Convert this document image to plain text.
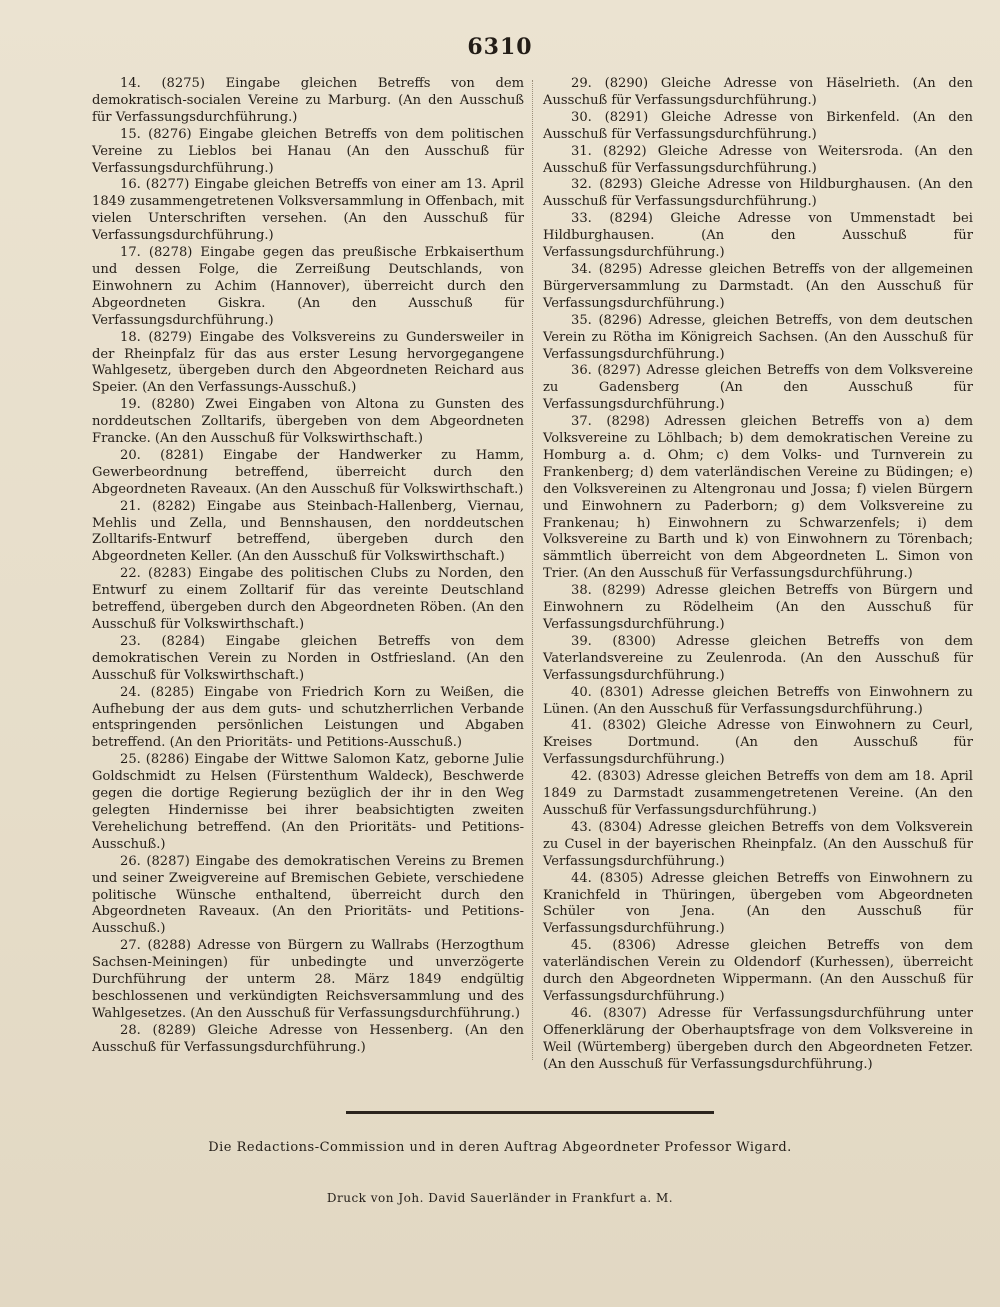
6310

14. (8275) Eingabe gleichen Betreffs von dem demokratisch-socialen Vereine zu Marburg. (An den Ausschuß für Verfassungsdurchführung.)

15. (8276) Eingabe gleichen Betreffs von dem politischen Vereine zu Lieblos bei Hanau (An den Ausschuß für Verfassungsdurchführung.)

16. (8277) Eingabe gleichen Betreffs von einer am 13. April 1849 zusammengetretenen Volksversammlung in Offenbach, mit vielen Unterschriften versehen. (An den Ausschuß für Verfassungsdurchführung.)

17. (8278) Eingabe gegen das preußische Erbkaiserthum und dessen Folge, die Zerreißung Deutschlands, von Einwohnern zu Achim (Hannover), überreicht durch den Abgeordneten Giskra. (An den Ausschuß für Verfassungsdurchführung.)

18. (8279) Eingabe des Volksvereins zu Gundersweiler in der Rheinpfalz für das aus erster Lesung hervorgegangene Wahlgesetz, übergeben durch den Abgeordneten Reichard aus Speier. (An den Verfassungs-Ausschuß.)

19. (8280) Zwei Eingaben von Altona zu Gunsten des norddeutschen Zolltarifs, übergeben von dem Abgeordneten Francke. (An den Ausschuß für Volkswirthschaft.)

20. (8281) Eingabe der Handwerker zu Hamm, Gewerbeordnung betreffend, überreicht durch den Abgeordneten Raveaux. (An den Ausschuß für Volkswirthschaft.)

21. (8282) Eingabe aus Steinbach-Hallenberg, Viernau, Mehlis und Zella, und Bennshausen, den norddeutschen Zolltarifs-Entwurf betreffend, übergeben durch den Abgeordneten Keller. (An den Ausschuß für Volkswirthschaft.)

22. (8283) Eingabe des politischen Clubs zu Norden, den Entwurf zu einem Zolltarif für das vereinte Deutschland betreffend, übergeben durch den Abgeordneten Röben. (An den Ausschuß für Volkswirthschaft.)

23. (8284) Eingabe gleichen Betreffs von dem demokratischen Verein zu Norden in Ostfriesland. (An den Ausschuß für Volkswirthschaft.)

24. (8285) Eingabe von Friedrich Korn zu Weißen, die Aufhebung der aus dem guts- und schutzherrlichen Verbande entspringenden persönlichen Leistungen und Abgaben betreffend. (An den Prioritäts- und Petitions-Ausschuß.)

25. (8286) Eingabe der Wittwe Salomon Katz, geborne Julie Goldschmidt zu Helsen (Fürstenthum Waldeck), Beschwerde gegen die dortige Regierung bezüglich der ihr in den Weg gelegten Hindernisse bei ihrer beabsichtigten zweiten Verehelichung betreffend. (An den Prioritäts- und Petitions-Ausschuß.)

26. (8287) Eingabe des demokratischen Vereins zu Bremen und seiner Zweigvereine auf Bremischen Gebiete, verschiedene politische Wünsche enthaltend, überreicht durch den Abgeordneten Raveaux. (An den Prioritäts- und Petitions-Ausschuß.)

27. (8288) Adresse von Bürgern zu Wallrabs (Herzogthum Sachsen-Meiningen) für unbedingte und unverzögerte Durchführung der unterm 28. März 1849 endgültig beschlossenen und verkündigten Reichsversammlung und des Wahlgesetzes. (An den Ausschuß für Verfassungsdurchführung.)

28. (8289) Gleiche Adresse von Hessenberg. (An den Ausschuß für Verfassungsdurchführung.)

29. (8290) Gleiche Adresse von Häselrieth. (An den Ausschuß für Verfassungsdurchführung.)

30. (8291) Gleiche Adresse von Birkenfeld. (An den Ausschuß für Verfassungsdurchführung.)

31. (8292) Gleiche Adresse von Weitersroda. (An den Ausschuß für Verfassungsdurchführung.)

32. (8293) Gleiche Adresse von Hildburghausen. (An den Ausschuß für Verfassungsdurchführung.)

33. (8294) Gleiche Adresse von Ummenstadt bei Hildburghausen. (An den Ausschuß für Verfassungsdurchführung.)

34. (8295) Adresse gleichen Betreffs von der allgemeinen Bürgerversammlung zu Darmstadt. (An den Ausschuß für Verfassungsdurchführung.)

35. (8296) Adresse, gleichen Betreffs, von dem deutschen Verein zu Rötha im Königreich Sachsen. (An den Ausschuß für Verfassungsdurchführung.)

36. (8297) Adresse gleichen Betreffs von dem Volksvereine zu Gadensberg (An den Ausschuß für Verfassungsdurchführung.)

37. (8298) Adressen gleichen Betreffs von a) dem Volksvereine zu Löhlbach; b) dem demokratischen Vereine zu Homburg a. d. Ohm; c) dem Volks- und Turnverein zu Frankenberg; d) dem vaterländischen Vereine zu Büdingen; e) den Volksvereinen zu Altengronau und Jossa; f) vielen Bürgern und Einwohnern zu Paderborn; g) dem Volksvereine zu Frankenau; h) Einwohnern zu Schwarzenfels; i) dem Volksvereine zu Barth und k) von Einwohnern zu Törenbach; sämmtlich überreicht von dem Abgeordneten L. Simon von Trier. (An den Ausschuß für Verfassungsdurchführung.)

38. (8299) Adresse gleichen Betreffs von Bürgern und Einwohnern zu Rödelheim (An den Ausschuß für Verfassungsdurchführung.)

39. (8300) Adresse gleichen Betreffs von dem Vaterlandsvereine zu Zeulenroda. (An den Ausschuß für Verfassungsdurchführung.)

40. (8301) Adresse gleichen Betreffs von Einwohnern zu Lünen. (An den Ausschuß für Verfassungsdurchführung.)

41. (8302) Gleiche Adresse von Einwohnern zu Ceurl, Kreises Dortmund. (An den Ausschuß für Verfassungsdurchführung.)

42. (8303) Adresse gleichen Betreffs von dem am 18. April 1849 zu Darmstadt zusammengetretenen Vereine. (An den Ausschuß für Verfassungsdurchführung.)

43. (8304) Adresse gleichen Betreffs von dem Volksverein zu Cusel in der bayerischen Rheinpfalz. (An den Ausschuß für Verfassungsdurchführung.)

44. (8305) Adresse gleichen Betreffs von Einwohnern zu Kranichfeld in Thüringen, übergeben vom Abgeordneten Schüler von Jena. (An den Ausschuß für Verfassungsdurchführung.)

45. (8306) Adresse gleichen Betreffs von dem vaterländischen Verein zu Oldendorf (Kurhessen), überreicht durch den Abgeordneten Wippermann. (An den Ausschuß für Verfassungsdurchführung.)

46. (8307) Adresse für Verfassungsdurchführung unter Offenerklärung der Oberhauptsfrage von dem Volksvereine in Weil (Würtemberg) übergeben durch den Abgeordneten Fetzer. (An den Ausschuß für Verfassungsdurchführung.)

Die Redactions-Commission und in deren Auftrag Abgeordneter Professor Wigard.
Druck von Joh. David Sauerländer in Frankfurt a. M.
